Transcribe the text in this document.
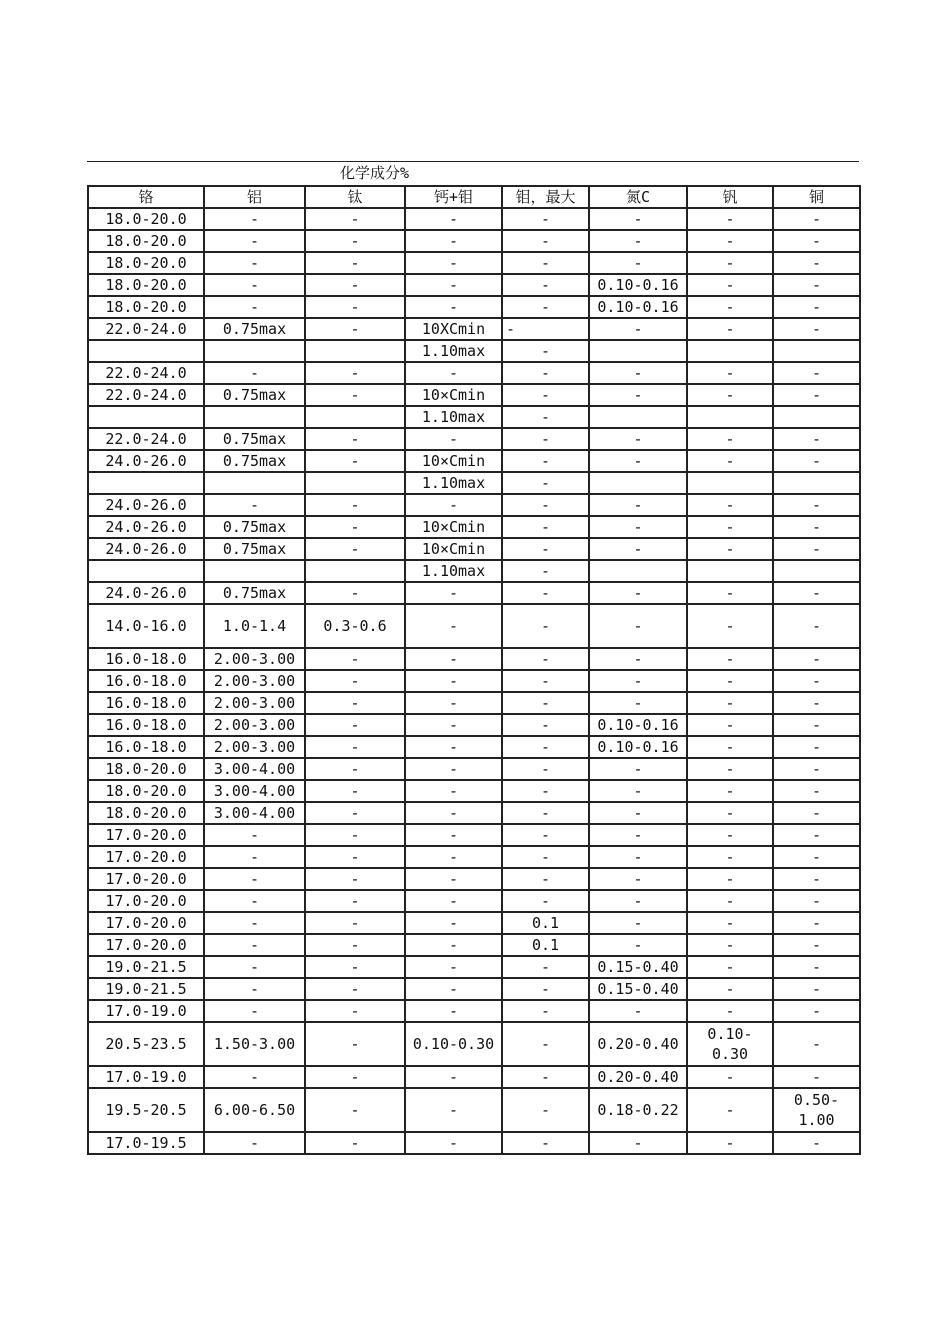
化学成分%
铬	铝	钛	钙+钼	钼，最大	氮C	钒	铜
18.0-20.0	-	-	-	-	-	-	-
18.0-20.0	-	-	-	-	-	-	-
18.0-20.0	-	-	-	-	-	-	-
18.0-20.0	-	-	-	-	0.10-0.16	-	-
18.0-20.0	-	-	-	-	0.10-0.16	-	-
22.0-24.0	0.75max	-	10XCmin	-	-	-	-
			1.10max	-			
22.0-24.0	-	-	-	-	-	-	-
22.0-24.0	0.75max	-	10×Cmin	-	-	-	-
			1.10max	-			
22.0-24.0	0.75max	-	-	-	-	-	-
24.0-26.0	0.75max	-	10×Cmin	-	-	-	-
			1.10max	-			
24.0-26.0	-	-	-	-	-	-	-
24.0-26.0	0.75max	-	10×Cmin	-	-	-	-
24.0-26.0	0.75max	-	10×Cmin	-	-	-	-
			1.10max	-			
24.0-26.0	0.75max	-	-	-	-	-	-
14.0-16.0	1.0-1.4	0.3-0.6	-	-	-	-	-
16.0-18.0	2.00-3.00	-	-	-	-	-	-
16.0-18.0	2.00-3.00	-	-	-	-	-	-
16.0-18.0	2.00-3.00	-	-	-	-	-	-
16.0-18.0	2.00-3.00	-	-	-	0.10-0.16	-	-
16.0-18.0	2.00-3.00	-	-	-	0.10-0.16	-	-
18.0-20.0	3.00-4.00	-	-	-	-	-	-
18.0-20.0	3.00-4.00	-	-	-	-	-	-
18.0-20.0	3.00-4.00	-	-	-	-	-	-
17.0-20.0	-	-	-	-	-	-	-
17.0-20.0	-	-	-	-	-	-	-
17.0-20.0	-	-	-	-	-	-	-
17.0-20.0	-	-	-	-	-	-	-
17.0-20.0	-	-	-	0.1	-	-	-
17.0-20.0	-	-	-	0.1	-	-	-
19.0-21.5	-	-	-	-	0.15-0.40	-	-
19.0-21.5	-	-	-	-	0.15-0.40	-	-
17.0-19.0	-	-	-	-	-	-	-
20.5-23.5	1.50-3.00	-	0.10-0.30	-	0.20-0.40	0.10-0.30	-
17.0-19.0	-	-	-	-	0.20-0.40	-	-
19.5-20.5	6.00-6.50	-	-	-	0.18-0.22	-	0.50-1.00
17.0-19.5	-	-	-	-	-	-	-
